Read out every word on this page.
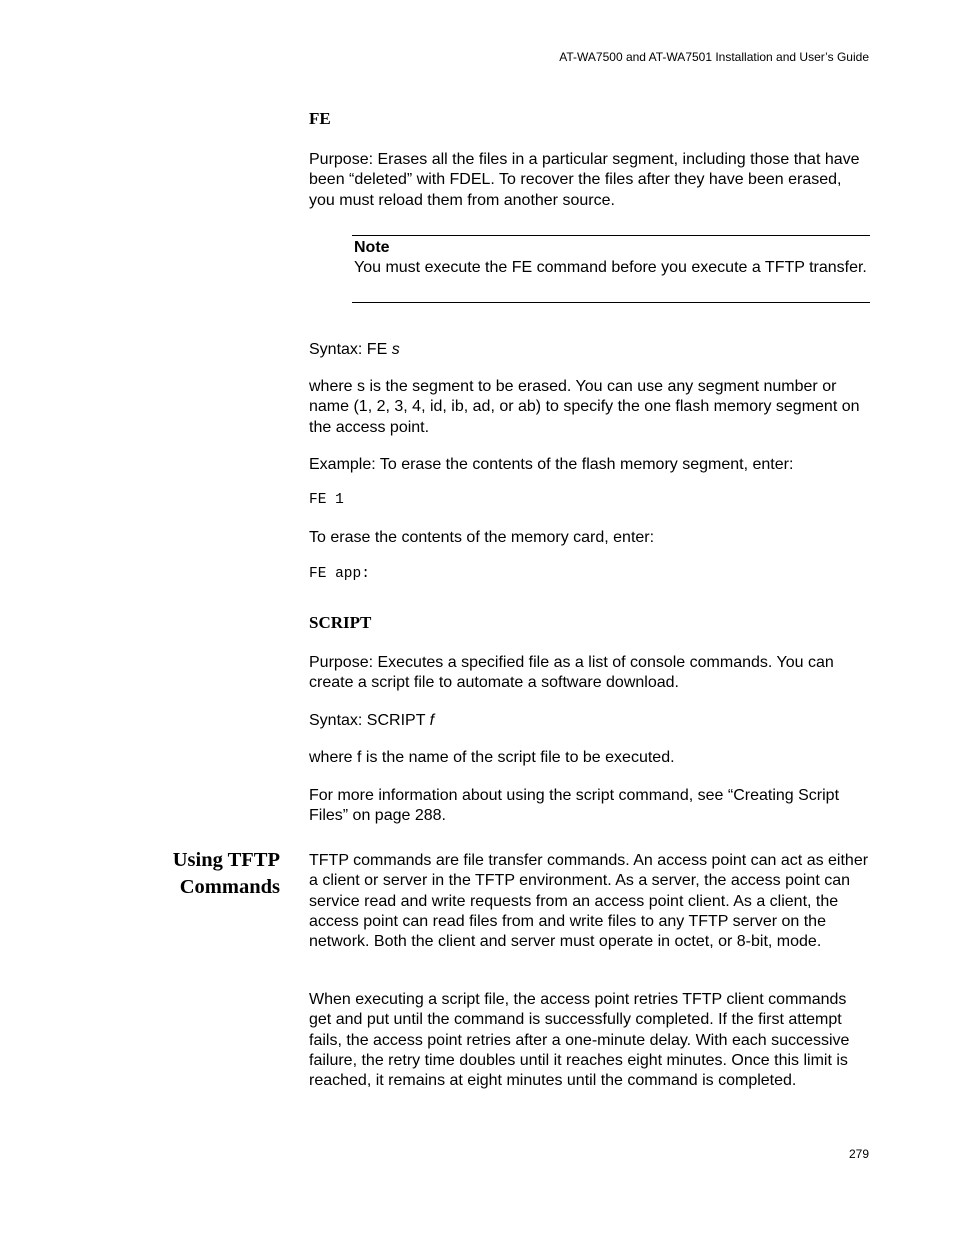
AT-WA7500 and AT-WA7501 Installation and User’s Guide
FE

Purpose: Erases all the files in a particular segment, including those that have been “deleted” with FDEL. To recover the files after they have been erased, you must reload them from another source.

Note
You must execute the FE command before you execute a TFTP transfer.

Syntax: FE s

where s is the segment to be erased. You can use any segment number or name (1, 2, 3, 4, id, ib, ad, or ab) to specify the one flash memory segment on the access point.

Example: To erase the contents of the flash memory segment, enter:

FE 1

To erase the contents of the memory card, enter:

FE app:
SCRIPT

Purpose: Executes a specified file as a list of console commands. You can create a script file to automate a software download.

Syntax: SCRIPT f

where f is the name of the script file to be executed.

For more information about using the script command, see “Creating Script Files” on page 288.

Using TFTP
Commands

TFTP commands are file transfer commands. An access point can act as either a client or server in the TFTP environment. As a server, the access point can service read and write requests from an access point client. As a client, the access point can read files from and write files to any TFTP server on the network. Both the client and server must operate in octet, or 8-bit, mode.

When executing a script file, the access point retries TFTP client commands get and put until the command is successfully completed. If the first attempt fails, the access point retries after a one-minute delay. With each successive failure, the retry time doubles until it reaches eight minutes. Once this limit is reached, it remains at eight minutes until the command is completed.

279
